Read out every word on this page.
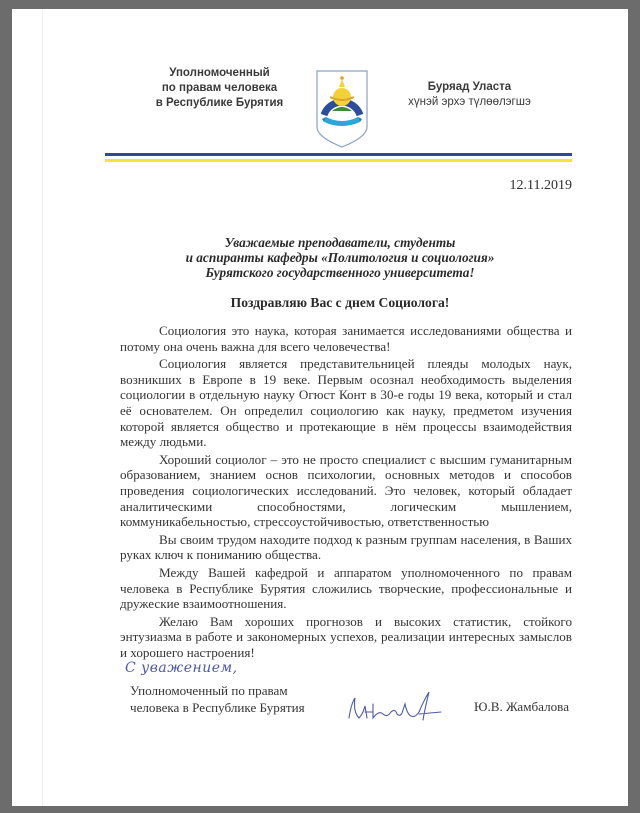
Уполномоченный
по правам человека
в Республике Бурятия
Буряад Уласта
хүнэй эрхэ түлөөлэгшэ
12.11.2019
Уважаемые преподаватели, студенты
и аспиранты кафедры «Политология и социология»
Бурятского государственного университета!
Поздравляю Вас с днем Социолога!

Социология это наука, которая занимается исследованиями общества и потому она очень важна для всего человечества!

Социология является представительницей плеяды молодых наук, возникших в Европе в 19 веке. Первым осознал необходимость выделения социологии в отдельную науку Огюст Конт в 30-е годы 19 века, который и стал её основателем. Он определил социологию как науку, предметом изучения которой является общество и протекающие в нём процессы взаимодействия между людьми.

Хороший социолог – это не просто специалист с высшим гуманитарным образованием, знанием основ психологии, основных методов и способов проведения социологических исследований. Это человек, который обладает аналитическими способностями, логическим мышлением, коммуникабельностью, стрессоустойчивостью, ответственностью

Вы своим трудом находите подход к разным группам населения, в Ваших руках ключ к пониманию общества.

Между Вашей кафедрой и аппаратом уполномоченного по правам человека в Республике Бурятия сложились творческие, профессиональные и дружеские взаимоотношения.

Желаю Вам хороших прогнозов и высоких статистик, стойкого энтузиазма в работе и закономерных успехов, реализации интересных замыслов и хорошего настроения!

С уважением,
Уполномоченный по правам
человека в Республике Бурятия	Ю.В. Жамбалова
